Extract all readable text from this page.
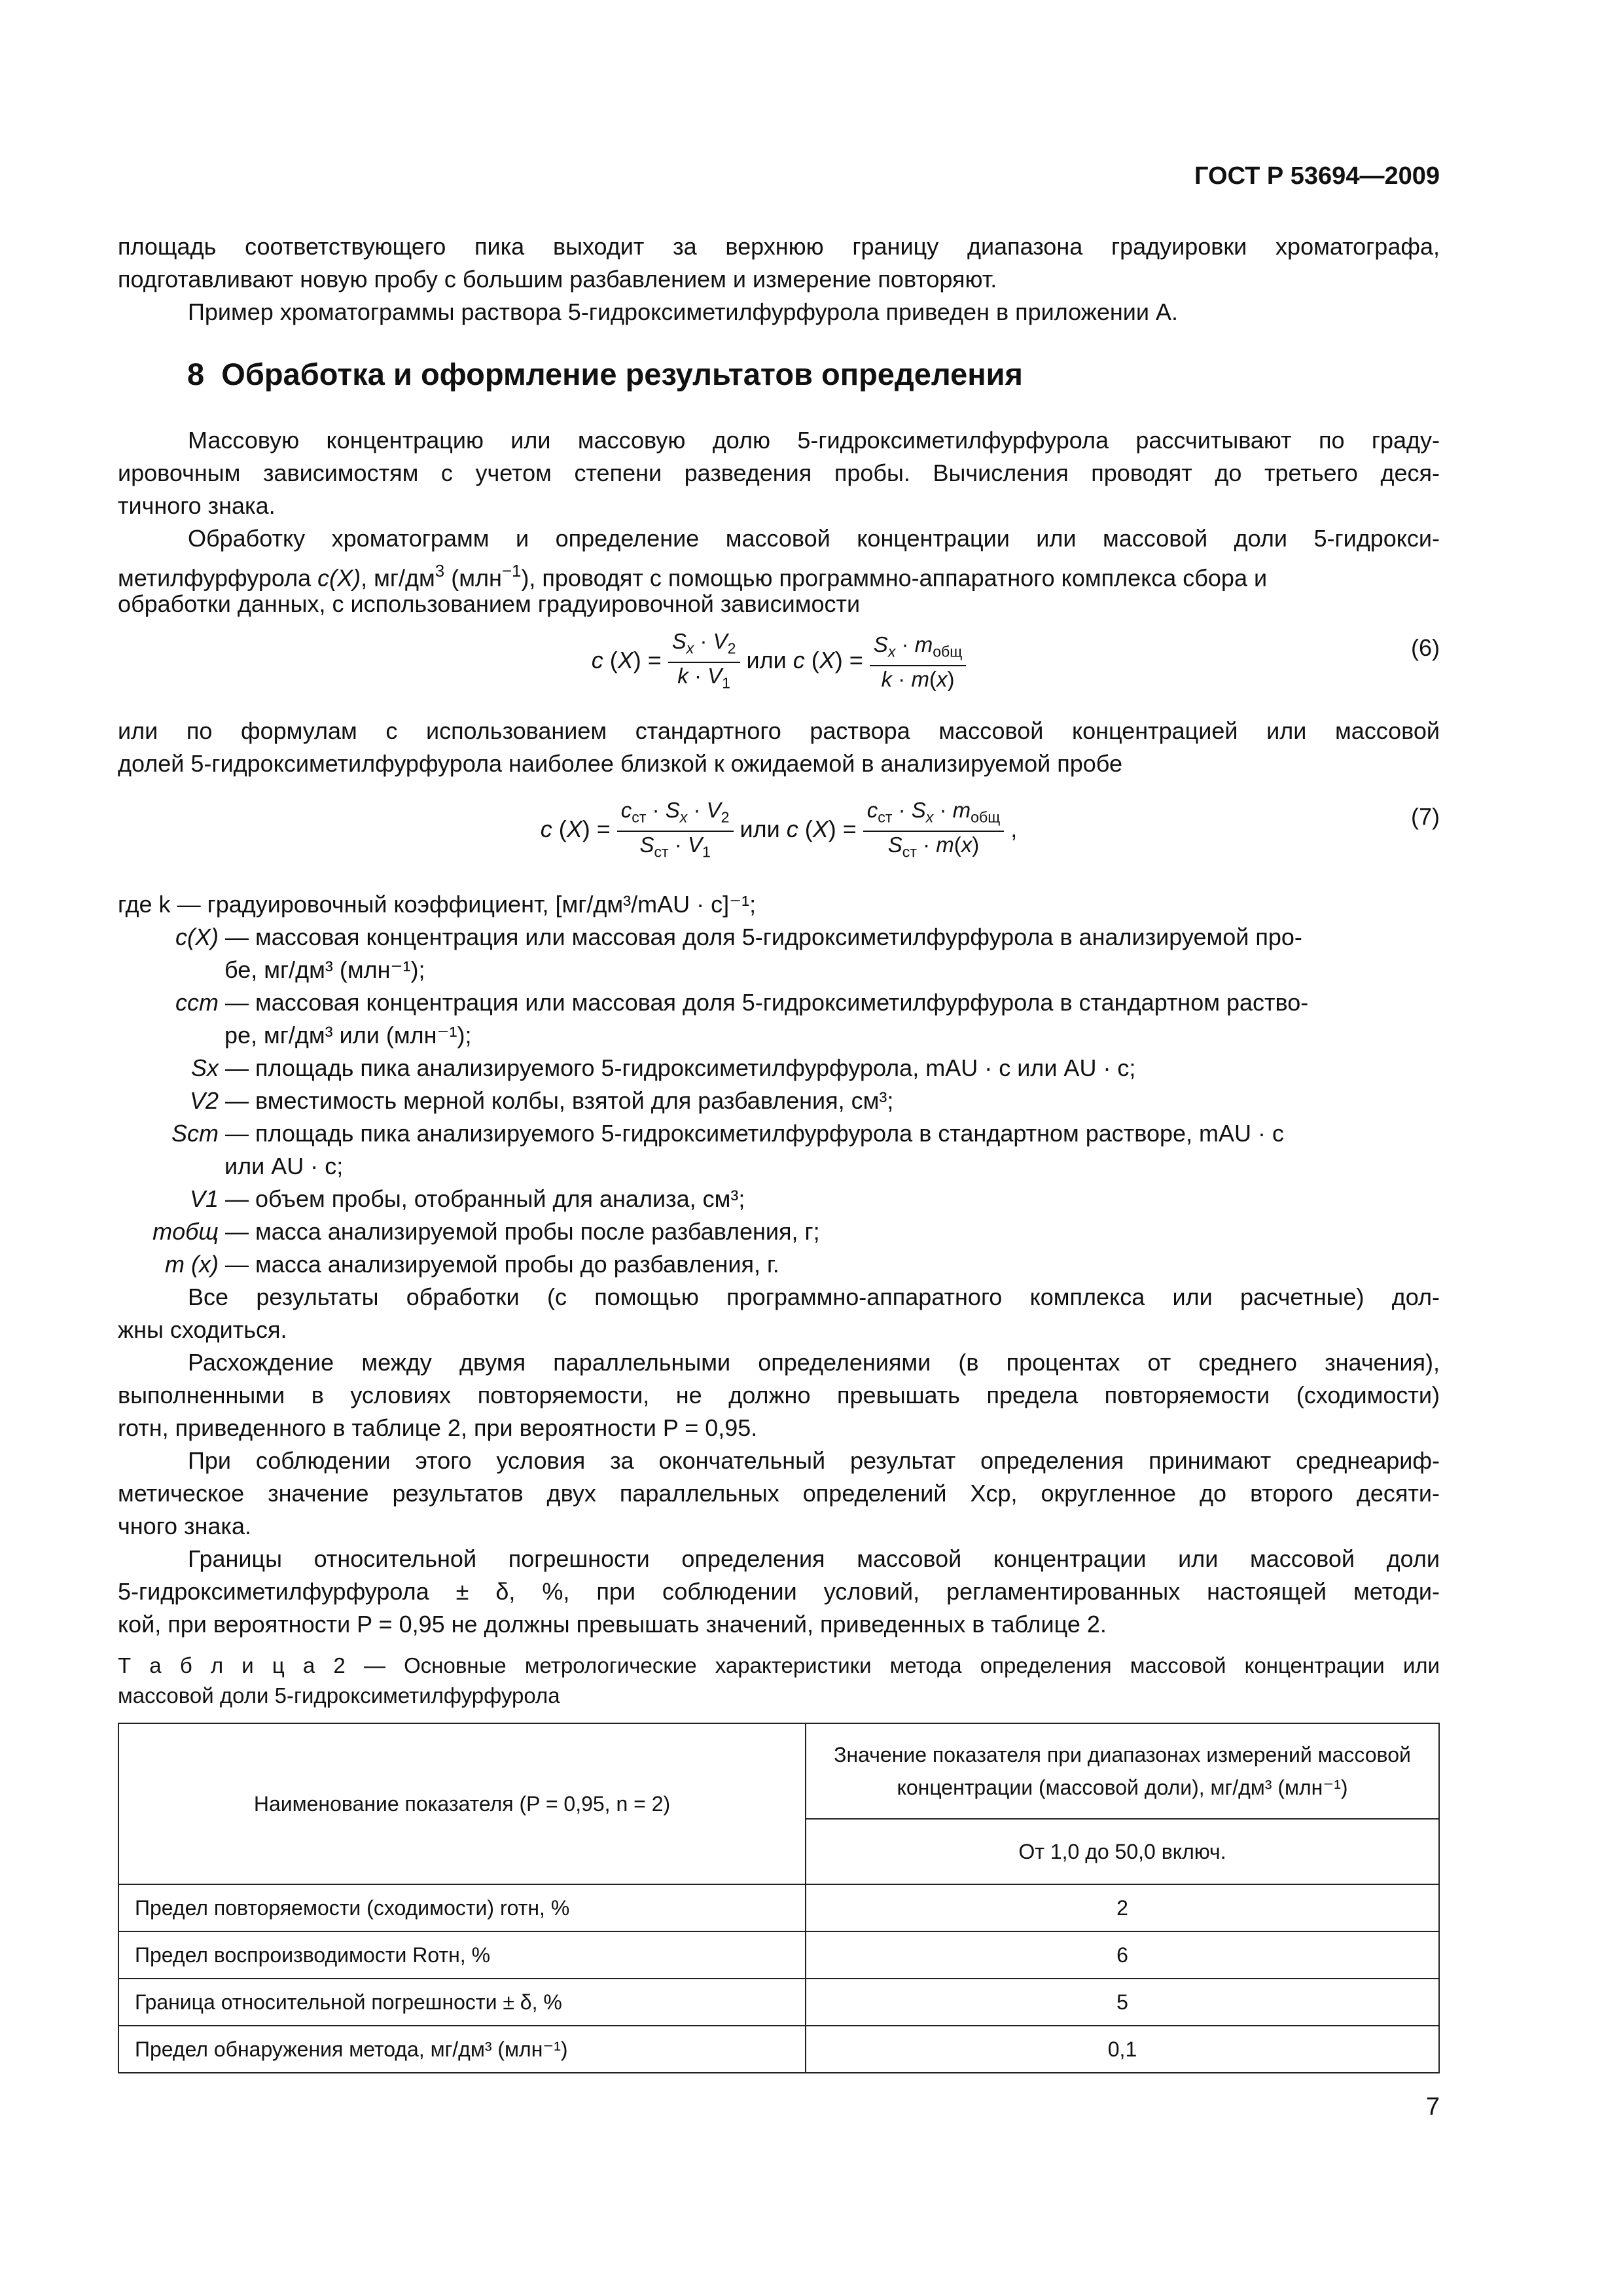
ГОСТ Р 53694—2009
площадь соответствующего пика выходит за верхнюю границу диапазона градуировки хроматографа,
подготавливают новую пробу с большим разбавлением и измерение повторяют.
Пример хроматограммы раствора 5-гидроксиметилфурфурола приведен в приложении А.
8  Обработка и оформление результатов определения
Массовую концентрацию или массовую долю 5-гидроксиметилфурфурола рассчитывают по граду-
ировочным зависимостям с учетом степени разведения пробы. Вычисления проводят до третьего деся-
тичного знака.
Обработку хроматограмм и определение массовой концентрации или массовой доли 5-гидрокси-
метилфурфурола c(X), $мг/дм^3$ (млн$^{-1}$), проводят с помощью программно-аппаратного комплекса сбора и
обработки данных, с использованием градуировочной зависимости
c $(X) = \frac{S_x \cdot V_2}{k \cdot V_1}$ или c $(X) = \frac{S_x \cdot m_{общ}}{k \cdot m(x)}$	(6)
или по формулам с использованием стандартного раствора массовой концентрацией или массовой
долей 5-гидроксиметилфурфурола наиболее близкой к ожидаемой в анализируемой пробе
c $(X) = \frac{c_{ст} \cdot S_x \cdot V_2}{S_{ст} \cdot V_1}$ или c $(X) = \frac{c_{ст} \cdot S_x \cdot m_{общ}}{S_{ст} \cdot m(x)}$ ,	(7)
где k — градуировочный коэффициент, [мг/дм³/mAU · с]⁻¹;
c(X) — массовая концентрация или массовая доля 5-гидроксиметилфурфурола в анализируемой про-
бе, мг/дм³ (млн⁻¹);
cст — массовая концентрация или массовая доля 5-гидроксиметилфурфурола в стандартном раство-
ре, мг/дм³ или (млн⁻¹);
Sx — площадь пика анализируемого 5-гидроксиметилфурфурола, mAU · с или AU · с;
V2 — вместимость мерной колбы, взятой для разбавления, см³;
Sст — площадь пика анализируемого 5-гидроксиметилфурфурола в стандартном растворе, mAU · с
или AU · с;
V1 — объем пробы, отобранный для анализа, см³;
mобщ — масса анализируемой пробы после разбавления, г;
m (x) — масса анализируемой пробы до разбавления, г.
Все результаты обработки (с помощью программно-аппаратного комплекса или расчетные) дол-
жны сходиться.
Расхождение между двумя параллельными определениями (в процентах от среднего значения),
выполненными в условиях повторяемости, не должно превышать предела повторяемости (сходимости)
rотн, приведенного в таблице 2, при вероятности P = 0,95.
При соблюдении этого условия за окончательный результат определения принимают среднеариф-
метическое значение результатов двух параллельных определений Xср, округленное до второго десяти-
чного знака.
Границы относительной погрешности определения массовой концентрации или массовой доли
5-гидроксиметилфурфурола ± δ, %, при соблюдении условий, регламентированных настоящей методи-
кой, при вероятности P = 0,95 не должны превышать значений, приведенных в таблице 2.
Т а б л и ц а 2 — Основные метрологические характеристики метода определения массовой концентрации или
массовой доли 5-гидроксиметилфурфурола
Наименование показателя (P = 0,95, n = 2)	Значение показателя при диапазонах измерений массовой
концентрации (массовой доли), мг/дм³ (млн⁻¹)

	От 1,0 до 50,0 включ.
Предел повторяемости (сходимости) rотн, %	2
Предел воспроизводимости Rотн, %	6
Граница относительной погрешности ± δ, %	5
Предел обнаружения метода, мг/дм³ (млн⁻¹)	0,1
7
